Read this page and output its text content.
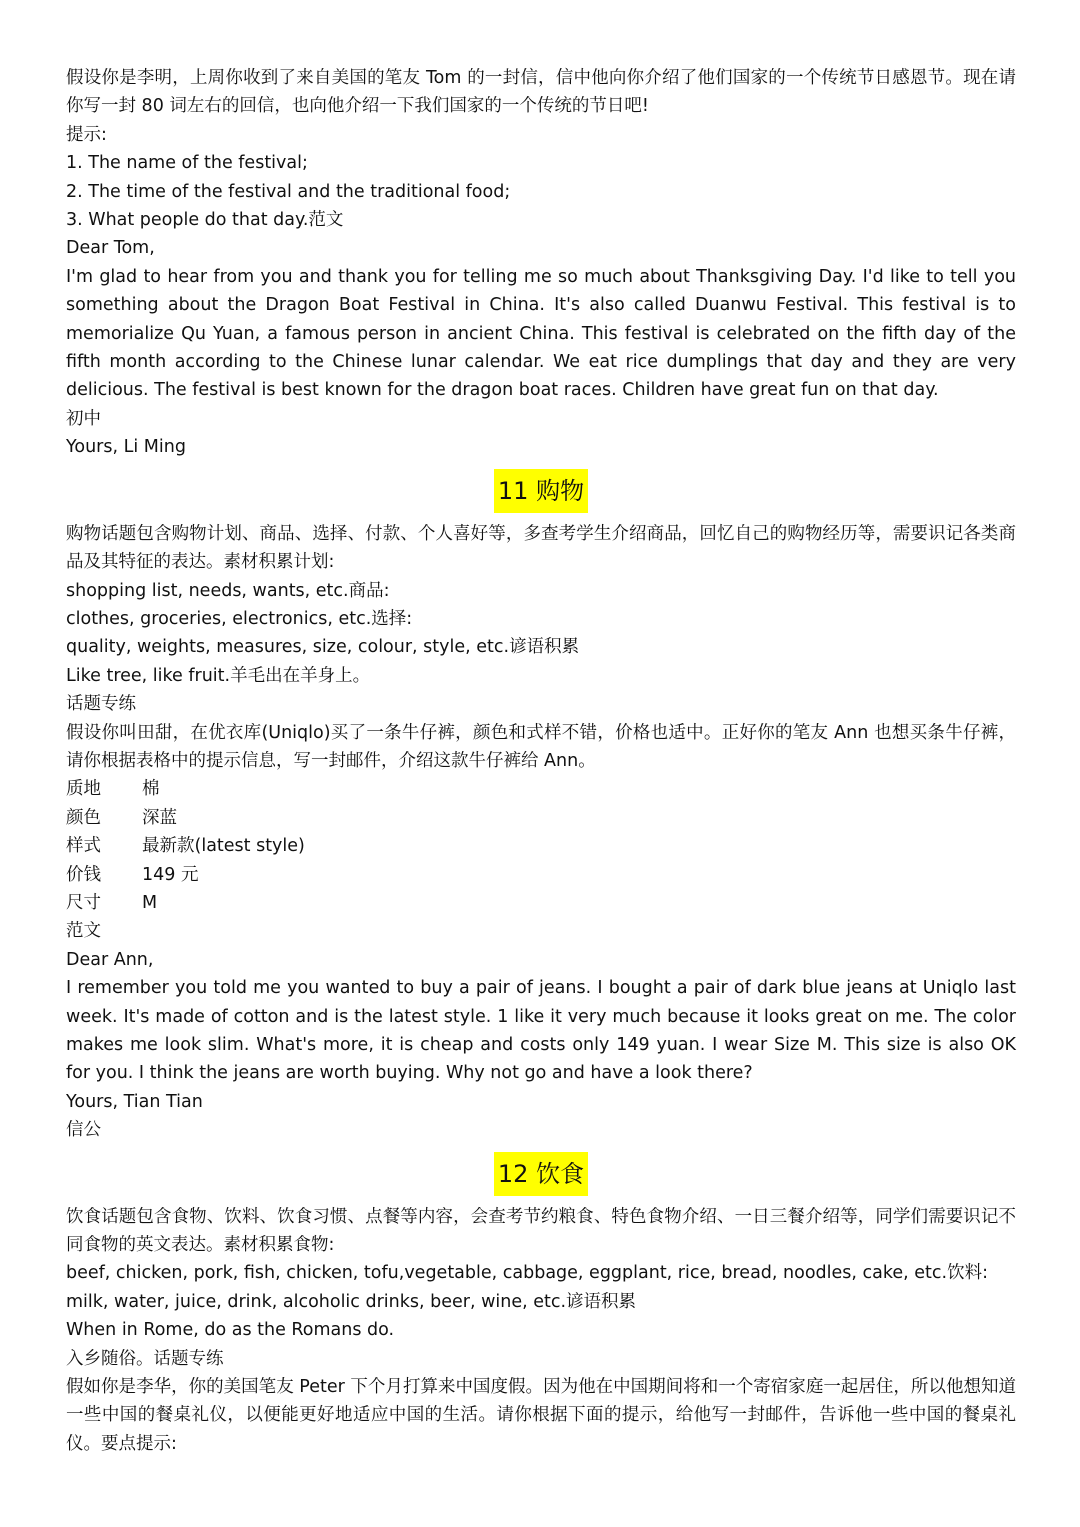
假设你是李明，上周你收到了来自美国的笔友 Tom 的一封信，信中他向你介绍了他们国家的一个传统节日感恩节。现在请你写一封 80 词左右的回信，也向他介绍一下我们国家的一个传统的节日吧!
提示:
1. The name of the festival;
2. The time of the festival and the traditional food;
3. What people do that day.范文
Dear Tom,
I'm glad to hear from you and thank you for telling me so much about Thanksgiving Day. I'd like to tell you something about the Dragon Boat Festival in China. It's also called Duanwu Festival. This festival is to memorialize Qu Yuan, a famous person in ancient China. This festival is celebrated on the fifth day of the fifth month according to the Chinese lunar calendar. We eat rice dumplings that day and they are very delicious. The festival is best known for the dragon boat races. Children have great fun on that day.
初中
Yours, Li Ming
11 购物
购物话题包含购物计划、商品、选择、付款、个人喜好等，多查考学生介绍商品，回忆自己的购物经历等，需要识记各类商品及其特征的表达。素材积累计划:
shopping list, needs, wants, etc.商品:
clothes, groceries, electronics, etc.选择:
quality, weights, measures, size, colour, style, etc.谚语积累
Like tree, like fruit.羊毛出在羊身上。
话题专练
假设你叫田甜，在优衣库(Uniqlo)买了一条牛仔裤，颜色和式样不错，价格也适中。正好你的笔友 Ann 也想买条牛仔裤，请你根据表格中的提示信息，写一封邮件，介绍这款牛仔裤给 Ann。
质地	棉
颜色	深蓝
样式	最新款(latest style)
价钱	149 元
尺寸	M
范文
Dear Ann,
I remember you told me you wanted to buy a pair of jeans. I bought a pair of dark blue jeans at Uniqlo last week. It's made of cotton and is the latest style. 1 like it very much because it looks great on me. The color makes me look slim. What's more, it is cheap and costs only 149 yuan. I wear Size M. This size is also OK for you. I think the jeans are worth buying. Why not go and have a look there?
Yours, Tian Tian
信公
12 饮食
饮食话题包含食物、饮料、饮食习惯、点餐等内容，会查考节约粮食、特色食物介绍、一日三餐介绍等，同学们需要识记不同食物的英文表达。素材积累食物:
beef, chicken, pork, fish, chicken, tofu,vegetable, cabbage, eggplant, rice, bread, noodles, cake, etc.饮料:
milk, water, juice, drink, alcoholic drinks, beer, wine, etc.谚语积累
When in Rome, do as the Romans do.
入乡随俗。话题专练
假如你是李华，你的美国笔友 Peter 下个月打算来中国度假。因为他在中国期间将和一个寄宿家庭一起居住，所以他想知道一些中国的餐桌礼仪，以便能更好地适应中国的生活。请你根据下面的提示，给他写一封邮件，告诉他一些中国的餐桌礼仪。要点提示:
